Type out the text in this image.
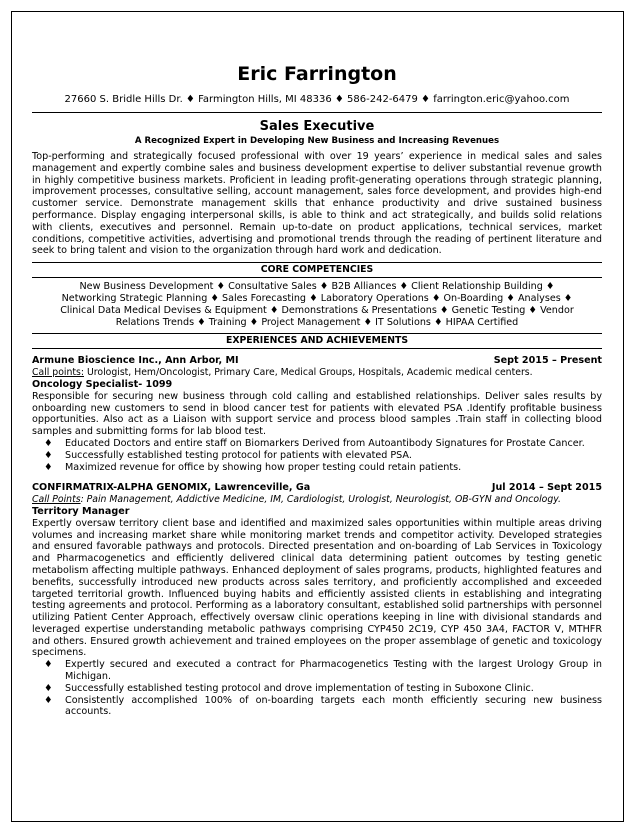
Eric Farrington
27660 S. Bridle Hills Dr. ♦ Farmington Hills, MI 48336 ♦ 586-242-6479 ♦ farrington.eric@yahoo.com
Sales Executive
A Recognized Expert in Developing New Business and Increasing Revenues
Top-performing and strategically focused professional with over 19 years’ experience in medical sales and sales management and expertly combine sales and business development expertise to deliver substantial revenue growth in highly competitive business markets. Proficient in leading profit-generating operations through strategic planning, improvement processes, consultative selling, account management, sales force development, and provides high-end customer service. Demonstrate management skills that enhance productivity and drive sustained business performance. Display engaging interpersonal skills, is able to think and act strategically, and builds solid relations with clients, executives and personnel. Remain up-to-date on product applications, technical services, market conditions, competitive activities, advertising and promotional trends through the reading of pertinent literature and seek to bring talent and vision to the organization through hard work and dedication.
CORE COMPETENCIES
New Business Development ♦ Consultative Sales ♦ B2B Alliances ♦ Client Relationship Building ♦
Networking Strategic Planning ♦ Sales Forecasting ♦ Laboratory Operations ♦ On-Boarding ♦ Analyses ♦
Clinical Data Medical Devises & Equipment ♦ Demonstrations & Presentations ♦ Genetic Testing ♦ Vendor
Relations Trends ♦ Training ♦ Project Management ♦ IT Solutions ♦ HIPAA Certified
EXPERIENCES AND ACHIEVEMENTS
Armune Bioscience Inc., Ann Arbor, MI	Sept 2015 – Present
Call points: Urologist, Hem/Oncologist, Primary Care, Medical Groups, Hospitals, Academic medical centers.
Oncology Specialist- 1099
Responsible for securing new business through cold calling and established relationships. Deliver sales results by onboarding new customers to send in blood cancer test for patients with elevated PSA .Identify profitable business opportunities. Also act as a Liaison with support service and process blood samples .Train staff in collecting blood samples and submitting forms for lab blood test.
♦ Educated Doctors and entire staff on Biomarkers Derived from Autoantibody Signatures for Prostate Cancer.
♦ Successfully established testing protocol for patients with elevated PSA.
♦ Maximized revenue for office by showing how proper testing could retain patients.
CONFIRMATRIX-ALPHA GENOMIX, Lawrenceville, Ga	Jul 2014 – Sept 2015
Call Points: Pain Management, Addictive Medicine, IM, Cardiologist, Urologist, Neurologist, OB-GYN and Oncology.
Territory Manager
Expertly oversaw territory client base and identified and maximized sales opportunities within multiple areas driving volumes and increasing market share while monitoring market trends and competitor activity. Developed strategies and ensured favorable pathways and protocols. Directed presentation and on-boarding of Lab Services in Toxicology and Pharmacogenetics and efficiently delivered clinical data determining patient outcomes by testing genetic metabolism affecting multiple pathways. Enhanced deployment of sales programs, products, highlighted features and benefits, successfully introduced new products across sales territory, and proficiently accomplished and exceeded targeted territorial growth. Influenced buying habits and efficiently assisted clients in establishing and integrating testing agreements and protocol. Performing as a laboratory consultant, established solid partnerships with personnel utilizing Patient Center Approach, effectively oversaw clinic operations keeping in line with divisional standards and leveraged expertise understanding metabolic pathways comprising CYP450 2C19, CYP 450 3A4, FACTOR V, MTHFR and others. Ensured growth achievement and trained employees on the proper assemblage of genetic and toxicology specimens.
♦ Expertly secured and executed a contract for Pharmacogenetics Testing with the largest Urology Group in Michigan.
♦ Successfully established testing protocol and drove implementation of testing in Suboxone Clinic.
♦ Consistently accomplished 100% of on-boarding targets each month efficiently securing new business accounts.
